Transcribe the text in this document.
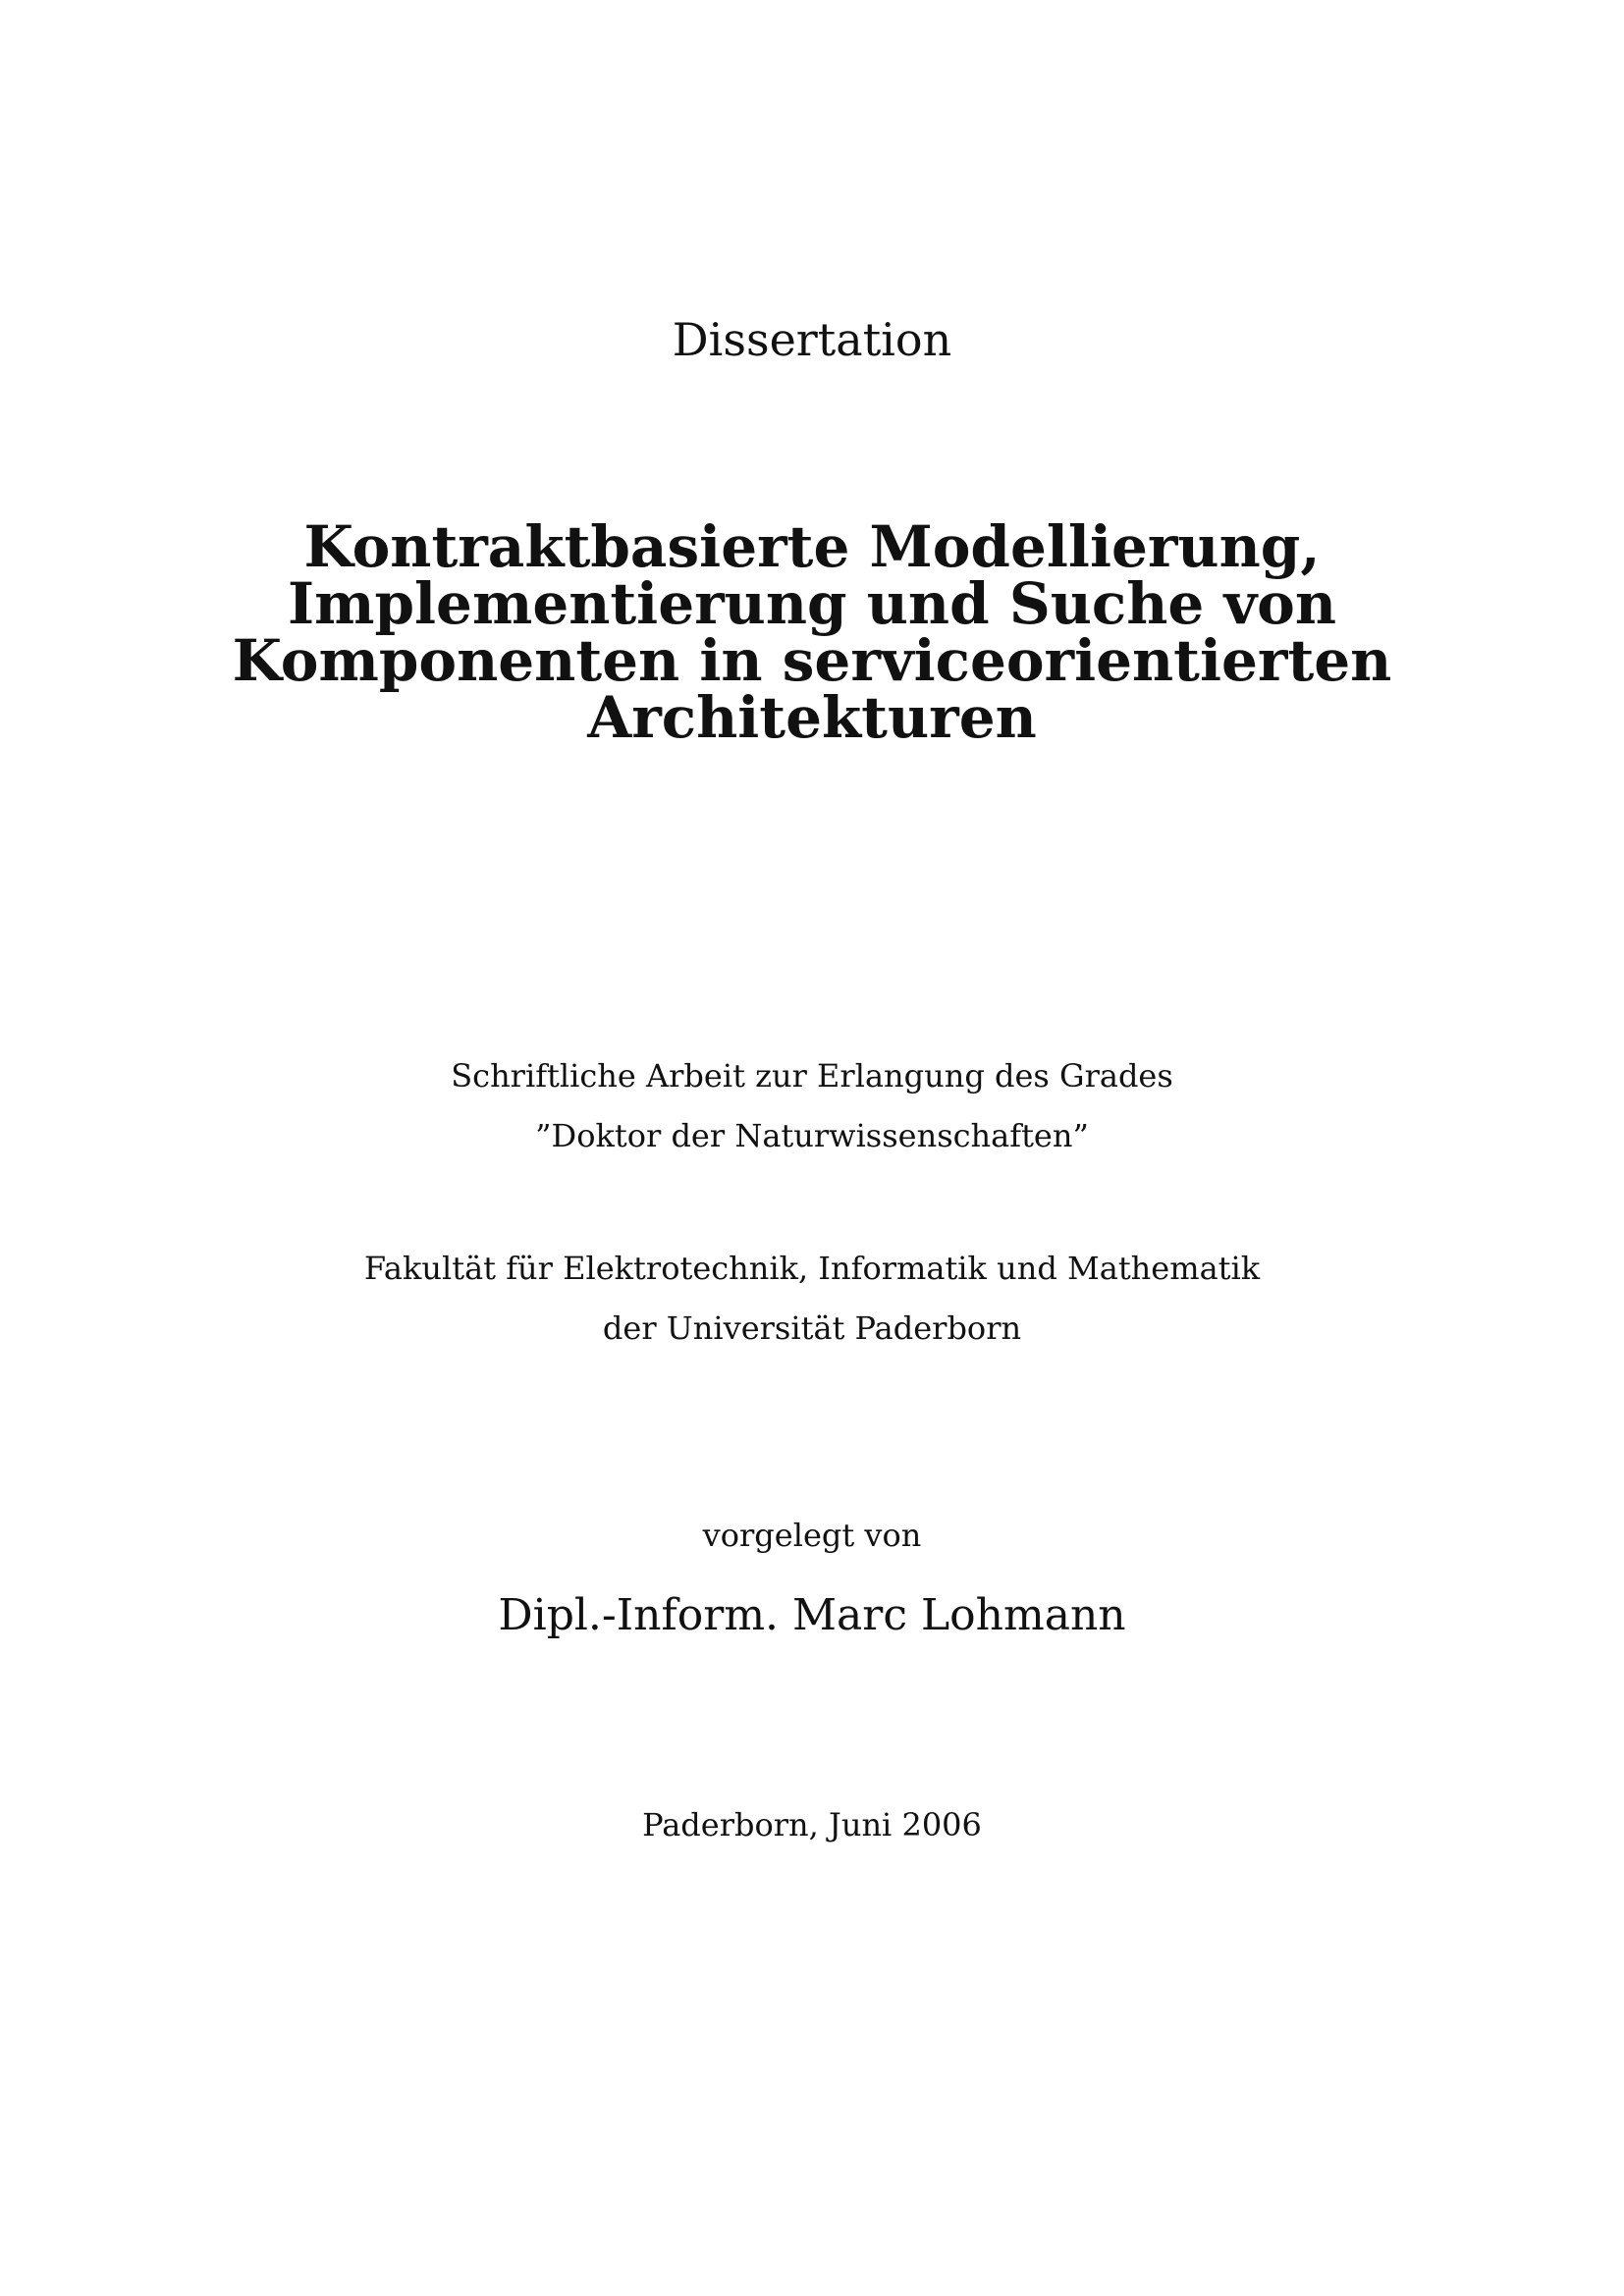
Dissertation
Kontraktbasierte Modellierung,
Implementierung und Suche von
Komponenten in serviceorientierten
Architekturen
Schriftliche Arbeit zur Erlangung des Grades
”Doktor der Naturwissenschaften”
Fakultät für Elektrotechnik, Informatik und Mathematik
der Universität Paderborn
vorgelegt von
Dipl.-Inform. Marc Lohmann
Paderborn, Juni 2006
